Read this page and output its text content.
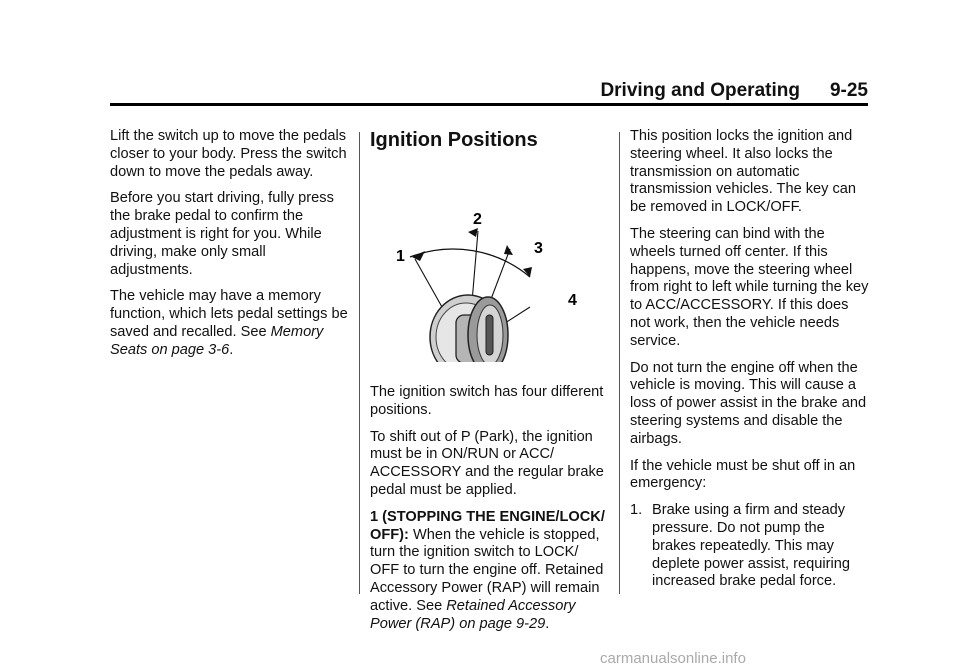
Driving and Operating 9-25

Lift the switch up to move the pedals closer to your body. Press the switch down to move the pedals away.

Before you start driving, fully press the brake pedal to confirm the adjustment is right for you. While driving, make only small adjustments.

The vehicle may have a memory function, which lets pedal settings be saved and recalled. See Memory Seats on page 3-6.

Ignition Positions
1
2
3
4

The ignition switch has four different positions.

To shift out of P (Park), the ignition must be in ON/RUN or ACC/ ACCESSORY and the regular brake pedal must be applied.

1 (STOPPING THE ENGINE/LOCK/ OFF): When the vehicle is stopped, turn the ignition switch to LOCK/ OFF to turn the engine off. Retained Accessory Power (RAP) will remain active. See Retained Accessory Power (RAP) on page 9-29.

This position locks the ignition and steering wheel. It also locks the transmission on automatic transmission vehicles. The key can be removed in LOCK/OFF.

The steering can bind with the wheels turned off center. If this happens, move the steering wheel from right to left while turning the key to ACC/ACCESSORY. If this does not work, then the vehicle needs service.

Do not turn the engine off when the vehicle is moving. This will cause a loss of power assist in the brake and steering systems and disable the airbags.

If the vehicle must be shut off in an emergency:

1. Brake using a firm and steady pressure. Do not pump the brakes repeatedly. This may deplete power assist, requiring increased brake pedal force.
carmanualsonline.info
